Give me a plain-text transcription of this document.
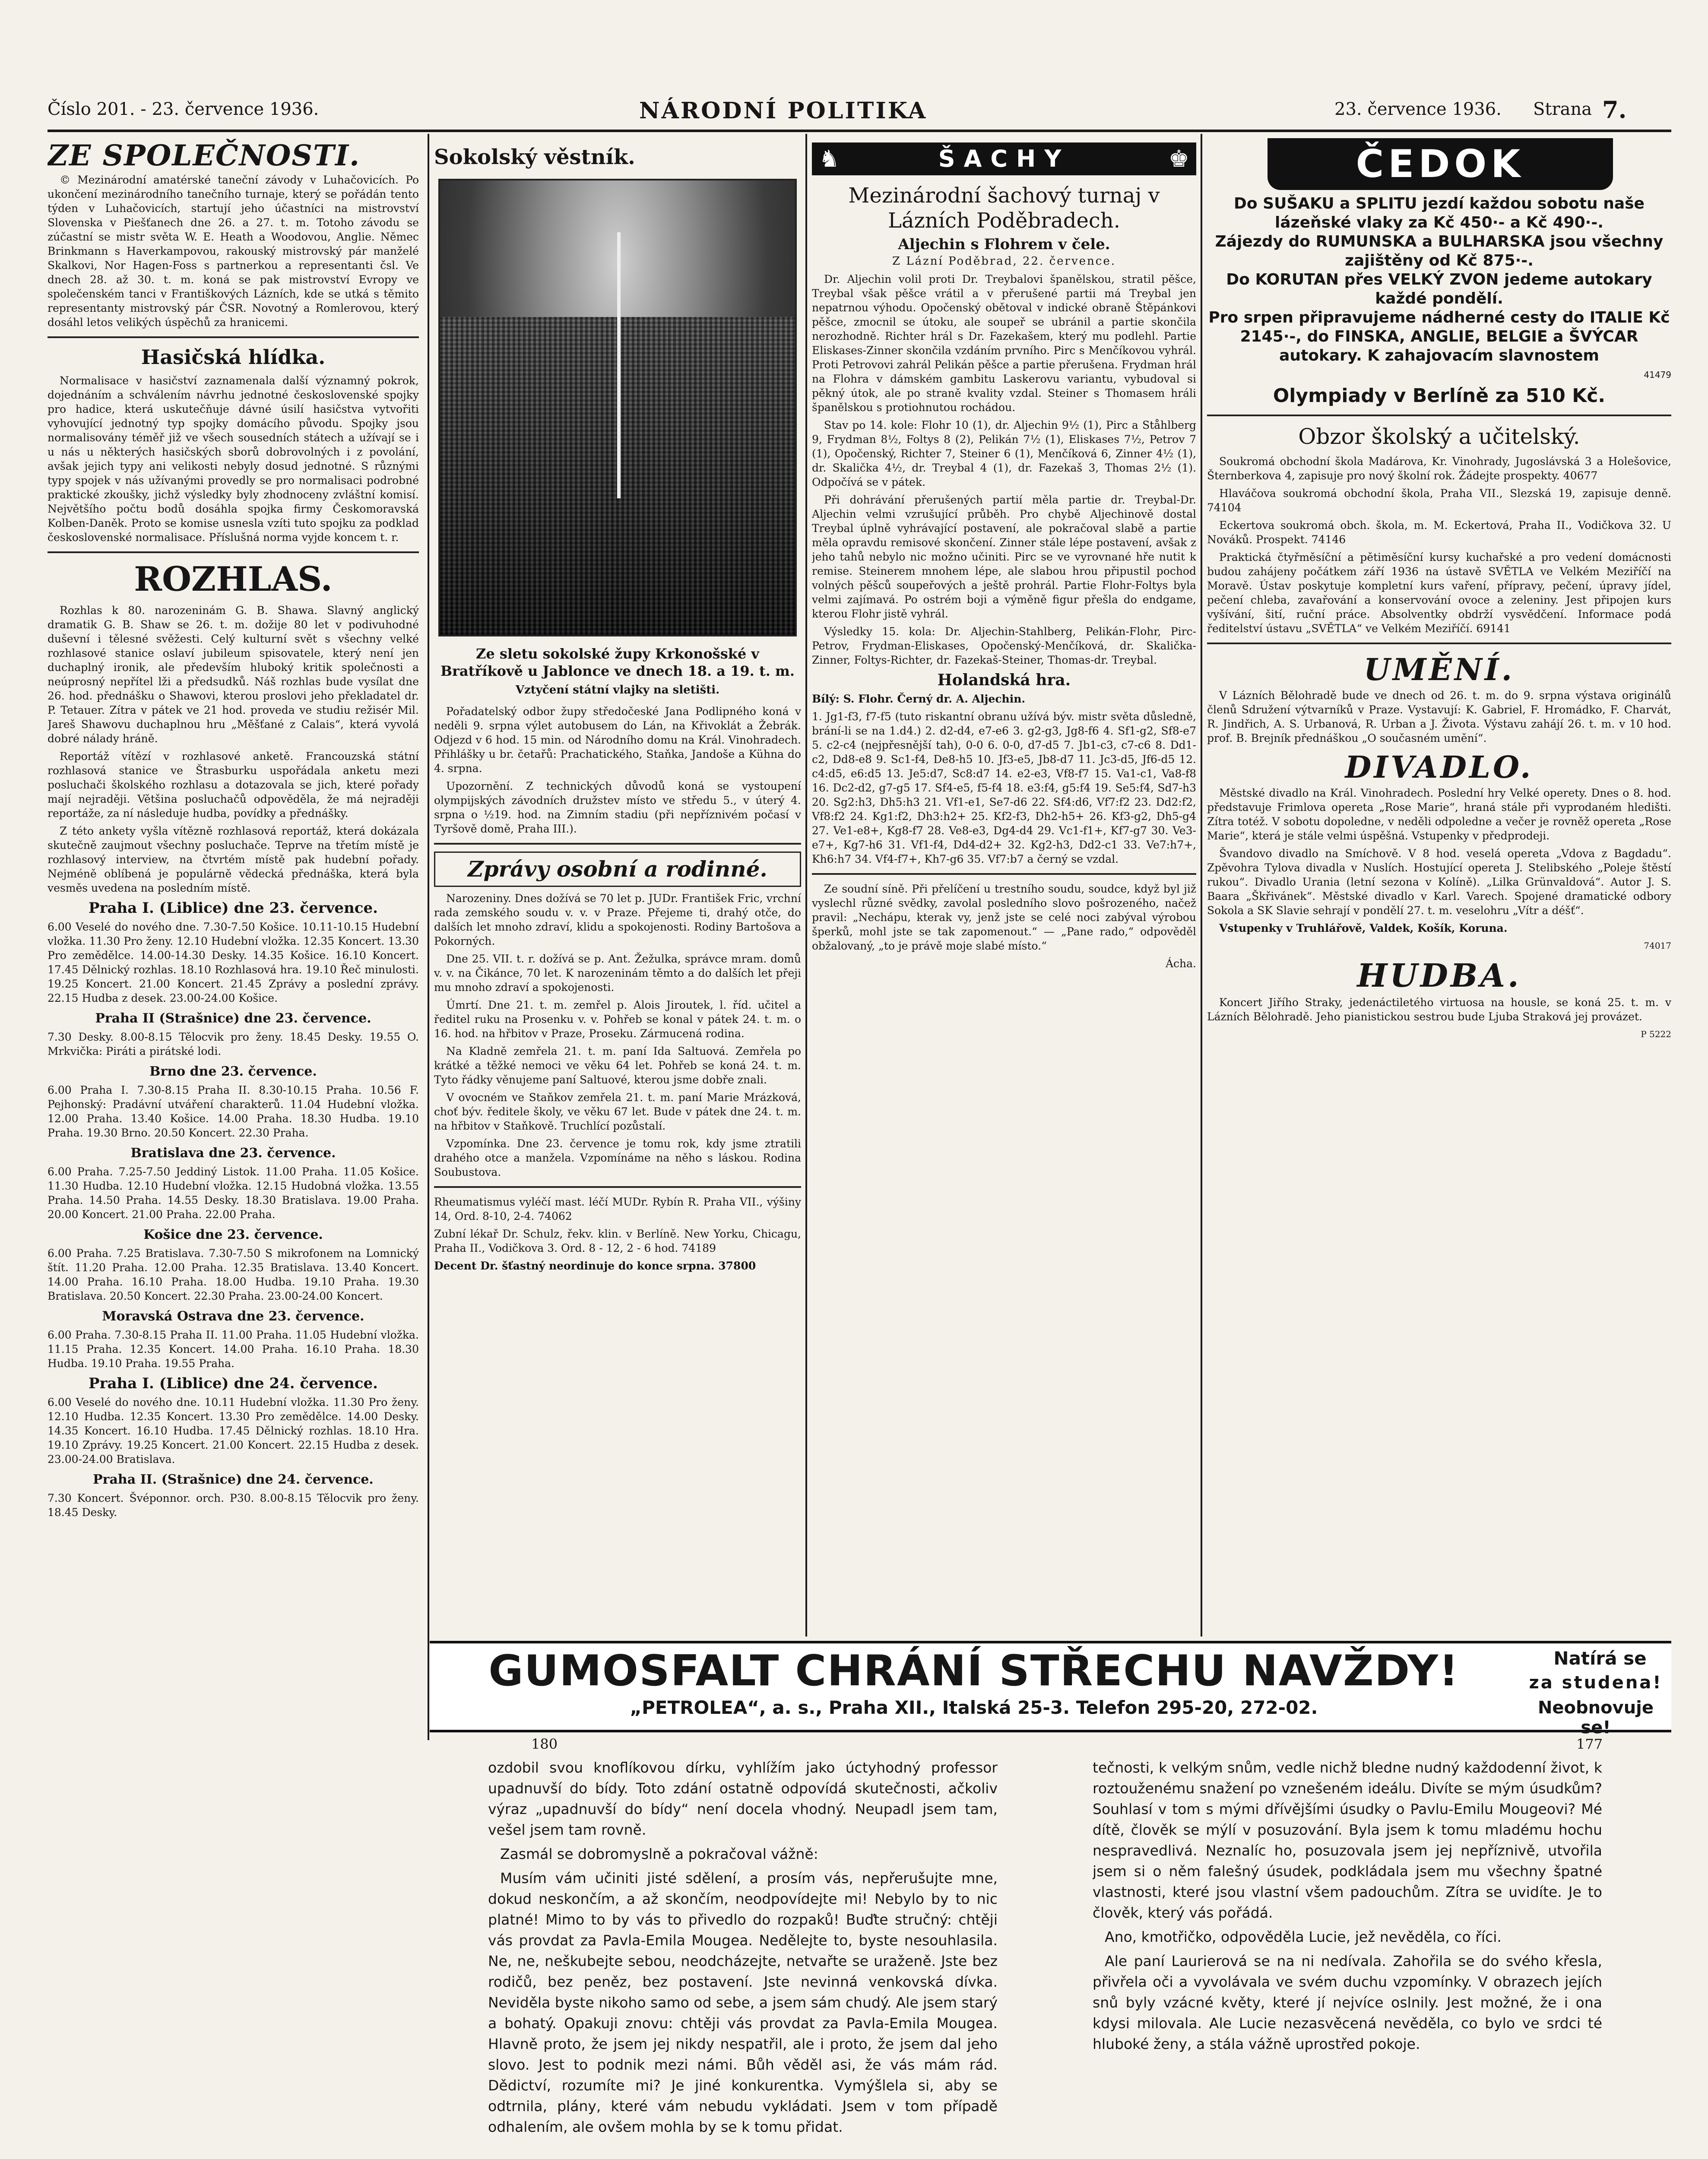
Číslo 201. - 23. července 1936.	NÁRODNÍ POLITIKA	23. července 1936. Strana 7.
ZE SPOLEČNOSTI.

© Mezinárodní amatérské taneční závody v Luhačovicích. Po ukončení mezinárodního tanečního turnaje, který se pořádán tento týden v Luhačovicích, startují jeho účastníci na mistrovství Slovenska v Piešťanech dne 26. a 27. t. m. Totoho závodu se zúčastní se mistr světa W. E. Heath a Woodovou, Anglie. Němec Brinkmann s Haverkampovou, rakouský mistrovský pár manželé Skalkovi, Nor Hagen-Foss s partnerkou a representanti čsl. Ve dnech 28. až 30. t. m. koná se pak mistrovství Evropy ve společenském tanci v Františkových Lázních, kde se utká s těmito representanty mistrovský pár ČSR. Novotný a Romlerovou, který dosáhl letos velikých úspěchů za hranicemi.

Hasičská hlídka.

Normalisace v hasičství zaznamenala další významný pokrok, dojednáním a schválením návrhu jednotné československé spojky pro hadice, která uskutečňuje dávné úsilí hasičstva vytvořiti vyhovující jednotný typ spojky domácího původu. Spojky jsou normalisovány téměř již ve všech sousedních státech a užívají se i u nás u některých hasičských sborů dobrovolných i z povolání, avšak jejich typy ani velikosti nebyly dosud jednotné. S různými typy spojek v nás užívanými provedly se pro normalisaci podrobné praktické zkoušky, jichž výsledky byly zhodnoceny zvláštní komisí. Největšího počtu bodů dosáhla spojka firmy Českomoravská Kolben-Daněk. Proto se komise usnesla vzíti tuto spojku za podklad československé normalisace. Příslušná norma vyjde koncem t. r.

ROZHLAS.

Rozhlas k 80. narozeninám G. B. Shawa. Slavný anglický dramatik G. B. Shaw se 26. t. m. dožije 80 let v podivuhodné duševní i tělesné svěžesti. Celý kulturní svět s všechny velké rozhlasové stanice oslaví jubileum spisovatele, který není jen duchaplný ironik, ale především hluboký kritik společnosti a neúprosný nepřítel lži a předsudků. Náš rozhlas bude vysílat dne 26. hod. přednášku o Shawovi, kterou proslovi jeho překladatel dr. P. Tetauer. Zítra v pátek ve 21 hod. proveda ve studiu režisér Mil. Jareš Shawovu duchaplnou hru „Měšťané z Calais“, která vyvolá dobré nálady hráně.

Reportáž vítězí v rozhlasové anketě. Francouzská státní rozhlasová stanice ve Štrasburku uspořádala anketu mezi posluchači školského rozhlasu a dotazovala se jich, které pořady mají nejraději. Většina posluchačů odpověděla, že má nejraději reportáže, za ní následuje hudba, povídky a přednášky.

Z této ankety vyšla vítězně rozhlasová reportáž, která dokázala skutečně zaujmout všechny posluchače. Teprve na třetím místě je rozhlasový interview, na čtvrtém místě pak hudební pořady. Nejméně oblíbená je populárně vědecká přednáška, která byla vesměs uvedena na posledním místě.

Praha I. (Liblice) dne 23. července.

6.00 Veselé do nového dne. 7.30-7.50 Košice. 10.11-10.15 Hudební vložka. 11.30 Pro ženy. 12.10 Hudební vložka. 12.35 Koncert. 13.30 Pro zemědělce. 14.00-14.30 Desky. 14.35 Košice. 16.10 Koncert. 17.45 Dělnický rozhlas. 18.10 Rozhlasová hra. 19.10 Řeč minulosti. 19.25 Koncert. 21.00 Koncert. 21.45 Zprávy a poslední zprávy. 22.15 Hudba z desek. 23.00-24.00 Košice.

Praha II (Strašnice) dne 23. července.

7.30 Desky. 8.00-8.15 Tělocvik pro ženy. 18.45 Desky. 19.55 O. Mrkvička: Piráti a pirátské lodi.

Brno dne 23. července.

6.00 Praha I. 7.30-8.15 Praha II. 8.30-10.15 Praha. 10.56 F. Pejhonský: Pradávní utváření charakterů. 11.04 Hudební vložka. 12.00 Praha. 13.40 Košice. 14.00 Praha. 18.30 Hudba. 19.10 Praha. 19.30 Brno. 20.50 Koncert. 22.30 Praha.

Bratislava dne 23. července.

6.00 Praha. 7.25-7.50 Jeddiný Listok. 11.00 Praha. 11.05 Košice. 11.30 Hudba. 12.10 Hudební vložka. 12.15 Hudobná vložka. 13.55 Praha. 14.50 Praha. 14.55 Desky. 18.30 Bratislava. 19.00 Praha. 20.00 Koncert. 21.00 Praha. 22.00 Praha.

Košice dne 23. července.

6.00 Praha. 7.25 Bratislava. 7.30-7.50 S mikrofonem na Lomnický štít. 11.20 Praha. 12.00 Praha. 12.35 Bratislava. 13.40 Koncert. 14.00 Praha. 16.10 Praha. 18.00 Hudba. 19.10 Praha. 19.30 Bratislava. 20.50 Koncert. 22.30 Praha. 23.00-24.00 Koncert.

Moravská Ostrava dne 23. července.

6.00 Praha. 7.30-8.15 Praha II. 11.00 Praha. 11.05 Hudební vložka. 11.15 Praha. 12.35 Koncert. 14.00 Praha. 16.10 Praha. 18.30 Hudba. 19.10 Praha. 19.55 Praha.

Praha I. (Liblice) dne 24. července.

6.00 Veselé do nového dne. 10.11 Hudební vložka. 11.30 Pro ženy. 12.10 Hudba. 12.35 Koncert. 13.30 Pro zemědělce. 14.00 Desky. 14.35 Koncert. 16.10 Hudba. 17.45 Dělnický rozhlas. 18.10 Hra. 19.10 Zprávy. 19.25 Koncert. 21.00 Koncert. 22.15 Hudba z desek. 23.00-24.00 Bratislava.

Praha II. (Strašnice) dne 24. července.

7.30 Koncert. Švéponnor. orch. P30. 8.00-8.15 Tělocvik pro ženy. 18.45 Desky.

Sokolský věstník.
Ze sletu sokolské župy Krkonošské v Bratříkově u Jablonce ve dnech 18. a 19. t. m.
Vztyčení státní vlajky na sletišti.

Pořadatelský odbor župy středočeské Jana Podlipného koná v neděli 9. srpna výlet autobusem do Lán, na Křivoklát a Žebrák. Odjezd v 6 hod. 15 min. od Národního domu na Král. Vinohradech. Přihlášky u br. četařů: Prachatického, Staňka, Jandoše a Kühna do 4. srpna.

Upozornění. Z technických důvodů koná se vystoupení olympijských závodních družstev místo ve středu 5., v úterý 4. srpna o ½19. hod. na Zimním stadiu (při nepříznivém počasí v Tyršově domě, Praha III.).

Zprávy osobní a rodinné.

Narozeniny. Dnes dožívá se 70 let p. JUDr. František Fric, vrchní rada zemského soudu v. v. v Praze. Přejeme ti, drahý otče, do dalších let mnoho zdraví, klidu a spokojenosti. Rodiny Bartošova a Pokorných.

Dne 25. VII. t. r. dožívá se p. Ant. Žežulka, správce mram. domů v. v. na Čikánce, 70 let. K narozeninám těmto a do dalších let přeji mu mnoho zdraví a spokojenosti.

Úmrtí. Dne 21. t. m. zemřel p. Alois Jiroutek, l. říd. učitel a ředitel ruku na Prosenku v. v. Pohřeb se konal v pátek 24. t. m. o 16. hod. na hřbitov v Praze, Proseku. Zármucená rodina.

Na Kladně zemřela 21. t. m. paní Ida Saltuová. Zemřela po krátké a těžké nemoci ve věku 64 let. Pohřeb se koná 24. t. m. Tyto řádky věnujeme paní Saltuové, kterou jsme dobře znali.

V ovocném ve Staňkov zemřela 21. t. m. paní Marie Mrázková, choť býv. ředitele školy, ve věku 67 let. Bude v pátek dne 24. t. m. na hřbitov v Staňkově. Truchlící pozůstalí.

Vzpomínka. Dne 23. července je tomu rok, kdy jsme ztratili drahého otce a manžela. Vzpomínáme na něho s láskou. Rodina Soubustova.

Rheumatismus vyléčí mast. léčí MUDr. Rybín R. Praha VII., výšiny 14, Ord. 8-10, 2-4. 74062

Zubní lékař Dr. Schulz, řekv. klin. v Berlíně. New Yorku, Chicagu, Praha II., Vodičkova 3. Ord. 8 - 12, 2 - 6 hod. 74189

Decent Dr. šťastný neordinuje do konce srpna. 37800

♞	ŠACHY	♚
Mezinárodní šachový turnaj v Lázních Poděbradech.
Aljechin s Flohrem v čele.
Z Lázní Poděbrad, 22. července.

Dr. Aljechin volil proti Dr. Treybalovi španělskou, stratil pěšce, Treybal však pěšce vrátil a v přerušené partii má Treybal jen nepatrnou výhodu. Opočenský obětoval v indické obraně Štěpánkovi pěšce, zmocnil se útoku, ale soupeř se ubránil a partie skončila nerozhodně. Richter hrál s Dr. Fazekašem, který mu podlehl. Partie Eliskases-Zinner skončila vzdáním prvního. Pirc s Menčíkovou vyhrál. Proti Petrovovi zahrál Pelikán pěšce a partie přerušena. Frydman hrál na Flohra v dámském gambitu Laskerovu variantu, vybudoval si pěkný útok, ale po straně kvality vzdal. Steiner s Thomasem hráli španělskou s protiohnutou rochádou.

Stav po 14. kole: Flohr 10 (1), dr. Aljechin 9½ (1), Pirc a Ståhlberg 9, Frydman 8½, Foltys 8 (2), Pelikán 7½ (1), Eliskases 7½, Petrov 7 (1), Opočenský, Richter 7, Steiner 6 (1), Menčíková 6, Zinner 4½ (1), dr. Skalička 4½, dr. Treybal 4 (1), dr. Fazekaš 3, Thomas 2½ (1). Odpočívá se v pátek.

Při dohrávání přerušených partií měla partie dr. Treybal-Dr. Aljechin velmi vzrušující průběh. Pro chybě Aljechinově dostal Treybal úplně vyhrávající postavení, ale pokračoval slabě a partie měla opravdu remisové skončení. Zinner stále lépe postavení, avšak z jeho tahů nebylo nic možno učiniti. Pirc se ve vyrovnané hře nutit k remise. Steinerem mnohem lépe, ale slabou hrou připustil pochod volných pěšců soupeřových a ještě prohrál. Partie Flohr-Foltys byla velmi zajímavá. Po ostrém boji a výměně figur přešla do endgame, kterou Flohr jistě vyhrál.

Výsledky 15. kola: Dr. Aljechin-Stahlberg, Pelikán-Flohr, Pirc-Petrov, Frydman-Eliskases, Opočenský-Menčíková, dr. Skalička-Zinner, Foltys-Richter, dr. Fazekaš-Steiner, Thomas-dr. Treybal.

Holandská hra.

Bílý: S. Flohr. Černý dr. A. Aljechin.

1. Jg1-f3, f7-f5 (tuto riskantní obranu užívá býv. mistr světa důsledně, brání-li se na 1.d4.) 2. d2-d4, e7-e6 3. g2-g3, Jg8-f6 4. Sf1-g2, Sf8-e7 5. c2-c4 (nejpřesnější tah), 0-0 6. 0-0, d7-d5 7. Jb1-c3, c7-c6 8. Dd1-c2, Dd8-e8 9. Sc1-f4, De8-h5 10. Jf3-e5, Jb8-d7 11. Jc3-d5, Jf6-d5 12. c4:d5, e6:d5 13. Je5:d7, Sc8:d7 14. e2-e3, Vf8-f7 15. Va1-c1, Va8-f8 16. Dc2-d2, g7-g5 17. Sf4-e5, f5-f4 18. e3:f4, g5:f4 19. Se5:f4, Sd7-h3 20. Sg2:h3, Dh5:h3 21. Vf1-e1, Se7-d6 22. Sf4:d6, Vf7:f2 23. Dd2:f2, Vf8:f2 24. Kg1:f2, Dh3:h2+ 25. Kf2-f3, Dh2-h5+ 26. Kf3-g2, Dh5-g4 27. Ve1-e8+, Kg8-f7 28. Ve8-e3, Dg4-d4 29. Vc1-f1+, Kf7-g7 30. Ve3-e7+, Kg7-h6 31. Vf1-f4, Dd4-d2+ 32. Kg2-h3, Dd2-c1 33. Ve7:h7+, Kh6:h7 34. Vf4-f7+, Kh7-g6 35. Vf7:b7 a černý se vzdal.

Ze soudní síně. Při přelíčení u trestního soudu, soudce, když byl již vyslechl různé svědky, zavolal posledního slovo pošrozeného, načež pravil: „Nechápu, kterak vy, jenž jste se celé noci zabýval výrobou šperků, mohl jste se tak zapomenout.“ — „Pane rado,“ odpověděl obžalovaný, „to je právě moje slabé místo.“

Ácha.

ČEDOK
Do SUŠAKU a SPLITU jezdí každou sobotu naše lázeňské vlaky za Kč 450·- a Kč 490·-.
Zájezdy do RUMUNSKA a BULHARSKA jsou všechny zajištěny od Kč 875·-.
Do KORUTAN přes VELKÝ ZVON jedeme autokary každé pondělí.
Pro srpen připravujeme nádherné cesty do ITALIE Kč 2145·-, do FINSKA, ANGLIE, BELGIE a ŠVÝCAR autokary. K zahajovacím slavnostem
41479
Olympiady v Berlíně za 510 Kč.
Obzor školský a učitelský.

Soukromá obchodní škola Madárova, Kr. Vinohrady, Jugoslávská 3 a Holešovice, Šternberkova 4, zapisuje pro nový školní rok. Žádejte prospekty. 40677

Hlaváčova soukromá obchodní škola, Praha VII., Slezská 19, zapisuje denně. 74104

Eckertova soukromá obch. škola, m. M. Eckertová, Praha II., Vodičkova 32. U Nováků. Prospekt. 74146

Praktická čtyřměsíční a pětiměsíční kursy kuchařské a pro vedení domácnosti budou zahájeny počátkem září 1936 na ústavě SVĚTLA ve Velkém Meziříčí na Moravě. Ústav poskytuje kompletní kurs vaření, přípravy, pečení, úpravy jídel, pečení chleba, zavařování a konservování ovoce a zeleniny. Jest připojen kurs vyšívání, šití, ruční práce. Absolventky obdrží vysvědčení. Informace podá ředitelství ústavu „SVĚTLA“ ve Velkém Meziříčí. 69141

UMĚNÍ.

V Lázních Bělohradě bude ve dnech od 26. t. m. do 9. srpna výstava originálů členů Sdružení výtvarníků v Praze. Vystavují: K. Gabriel, F. Hromádko, F. Charvát, R. Jindřich, A. S. Urbanová, R. Urban a J. Života. Výstavu zahájí 26. t. m. v 10 hod. prof. B. Brejník přednáškou „O současném umění“.

DIVADLO.

Městské divadlo na Král. Vinohradech. Poslední hry Velké operety. Dnes o 8. hod. představuje Frimlova opereta „Rose Marie“, hraná stále při vyprodaném hledišti. Zítra totéž. V sobotu dopoledne, v neděli odpoledne a večer je rovněž opereta „Rose Marie“, která je stále velmi úspěšná. Vstupenky v předprodeji.

Švandovo divadlo na Smíchově. V 8 hod. veselá opereta „Vdova z Bagdadu“. Zpěvohra Tylova divadla v Nuslích. Hostující opereta J. Stelibského „Poleje štěstí rukou“. Divadlo Urania (letní sezona v Kolíně). „Lilka Grünvaldová“. Autor J. S. Baara „Škřivánek“. Městské divadlo v Karl. Varech. Spojené dramatické odbory Sokola a SK Slavie sehrají v pondělí 27. t. m. veselohru „Vítr a déšť“.

Vstupenky v Truhlářově, Valdek, Košík, Koruna.

74017

HUDBA.

Koncert Jiřího Straky, jedenáctiletého virtuosa na housle, se koná 25. t. m. v Lázních Bělohradě. Jeho pianistickou sestrou bude Ljuba Straková jej provázet.

P 5222

GUMOSFALT CHRÁNÍ STŘECHU NAVŽDY!
„PETROLEA“, a. s., Praha XII., Italská 25-3. Telefon 295-20, 272-02.
Natírá se
za studena!
Neobnovuje se!
180	177

ozdobil svou knoflíkovou dírku, vyhlížím jako úctyhodný professor upadnuvší do bídy. Toto zdání ostatně odpovídá skutečnosti, ačkoliv výraz „upadnuvší do bídy“ není docela vhodný. Neupadl jsem tam, vešel jsem tam rovně.

Zasmál se dobromyslně a pokračoval vážně:

Musím vám učiniti jisté sdělení, a prosím vás, nepřerušujte mne, dokud neskončím, a až skončím, neodpovídejte mi! Nebylo by to nic platné! Mimo to by vás to přivedlo do rozpaků! Buďte stručný: chtěji vás provdat za Pavla-Emila Mougea. Nedělejte to, byste nesouhlasila. Ne, ne, neškubejte sebou, neodcházejte, netvařte se uraženě. Jste bez rodičů, bez peněz, bez postavení. Jste nevinná venkovská dívka. Neviděla byste nikoho samo od sebe, a jsem sám chudý. Ale jsem starý a bohatý. Opakuji znovu: chtěji vás provdat za Pavla-Emila Mougea. Hlavně proto, že jsem jej nikdy nespatřil, ale i proto, že jsem dal jeho slovo. Jest to podnik mezi námi. Bůh věděl asi, že vás mám rád. Dědictví, rozumíte mi? Je jiné konkurentka. Vymýšlela si, aby se odtrnila, plány, které vám nebudu vykládati. Jsem v tom případě odhalením, ale ovšem mohla by se k tomu přidat.

tečnosti, k velkým snům, vedle nichž bledne nudný každodenní život, k roztouženému snažení po vznešeném ideálu. Divíte se mým úsudkům? Souhlasí v tom s mými dřívějšími úsudky o Pavlu-Emilu Mougeovi? Mé dítě, člověk se mýlí v posuzování. Byla jsem k tomu mladému hochu nespravedlivá. Neznalíc ho, posuzovala jsem jej nepříznivě, utvořila jsem si o něm falešný úsudek, podkládala jsem mu všechny špatné vlastnosti, které jsou vlastní všem padouchům. Zítra se uvidíte. Je to člověk, který vás pořádá.

Ano, kmotřičko, odpověděla Lucie, jež nevěděla, co říci.

Ale paní Laurierová se na ni nedívala. Zahořila se do svého křesla, přivřela oči a vyvolávala ve svém duchu vzpomínky. V obrazech jejích snů byly vzácné květy, které jí nejvíce oslnily. Jest možné, že i ona kdysi milovala. Ale Lucie nezasvěcená nevěděla, co bylo ve srdci té hluboké ženy, a stála vážně uprostřed pokoje.
